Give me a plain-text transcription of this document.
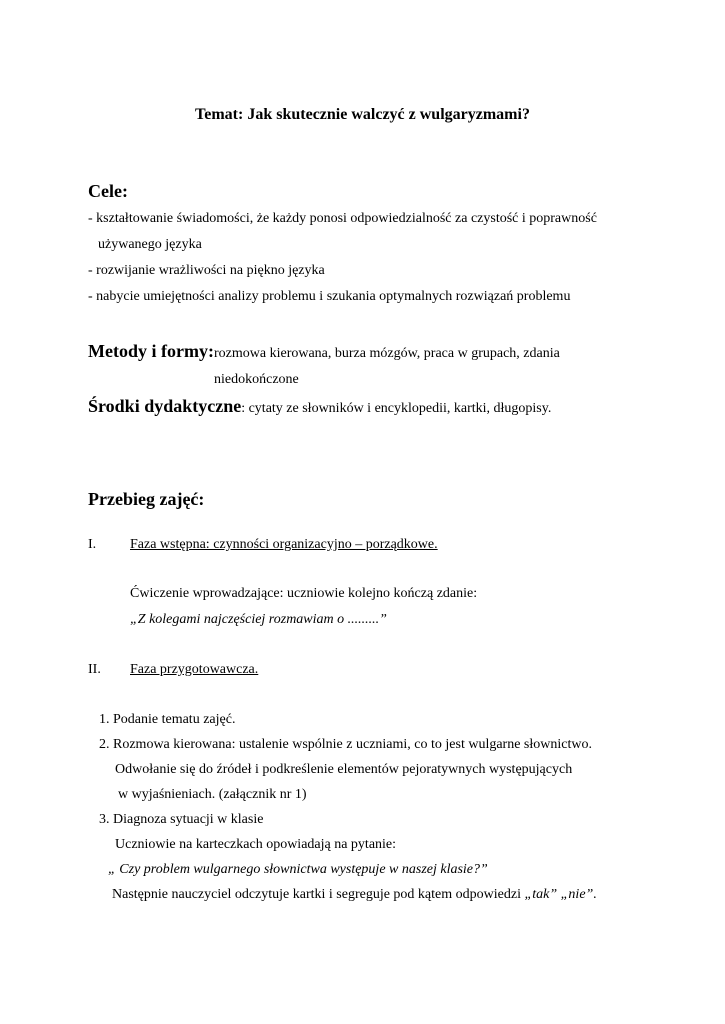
Temat: Jak skutecznie walczyć z wulgaryzmami?
Cele:
- kształtowanie świadomości, że każdy ponosi odpowiedzialność za czystość i poprawność
używanego języka
- rozwijanie wrażliwości na piękno języka
- nabycie umiejętności analizy problemu i szukania optymalnych rozwiązań problemu
Metody i formy: rozmowa kierowana, burza mózgów, praca w grupach, zdania
niedokończone
Środki dydaktyczne: cytaty ze słowników i encyklopedii, kartki, długopisy.
Przebieg zajęć:
I. Faza wstępna: czynności organizacyjno – porządkowe.
Ćwiczenie wprowadzające: uczniowie kolejno kończą zdanie:
„Z kolegami najczęściej rozmawiam o .........”
II. Faza przygotowawcza.
1. Podanie tematu zajęć.
2. Rozmowa kierowana: ustalenie wspólnie z uczniami, co to jest wulgarne słownictwo.
Odwołanie się do źródeł i podkreślenie elementów pejoratywnych występujących
w wyjaśnieniach. (załącznik nr 1)
3. Diagnoza sytuacji w klasie
Uczniowie na karteczkach opowiadają na pytanie:
„ Czy problem wulgarnego słownictwa występuje w naszej klasie?”
Następnie nauczyciel odczytuje kartki i segreguje pod kątem odpowiedzi „tak” „nie”.
